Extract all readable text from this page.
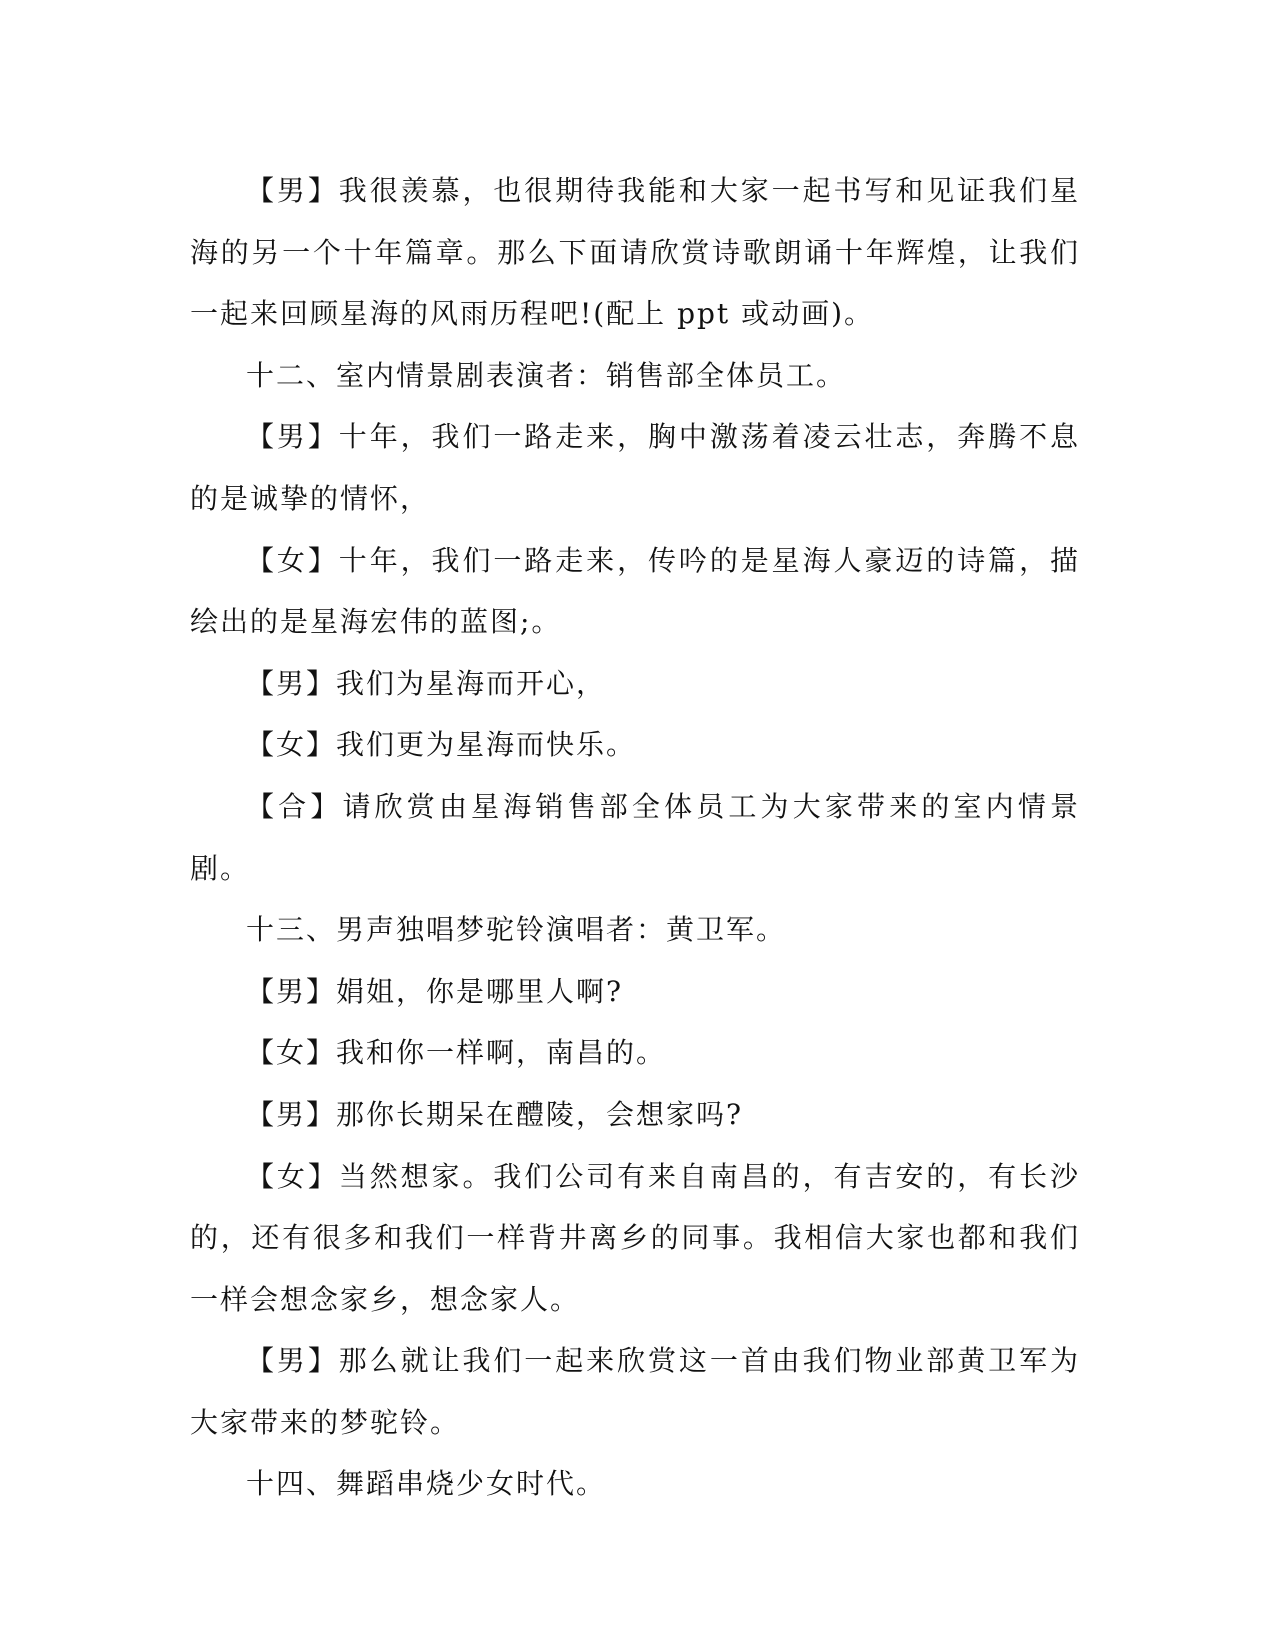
【男】我很羡慕，也很期待我能和大家一起书写和见证我们星海的另一个十年篇章。那么下面请欣赏诗歌朗诵十年辉煌，让我们一起来回顾星海的风雨历程吧!(配上 ppt 或动画)。

十二、室内情景剧表演者：销售部全体员工。

【男】十年，我们一路走来，胸中激荡着凌云壮志，奔腾不息的是诚挚的情怀，

【女】十年，我们一路走来，传吟的是星海人豪迈的诗篇，描绘出的是星海宏伟的蓝图;。

【男】我们为星海而开心，

【女】我们更为星海而快乐。

【合】请欣赏由星海销售部全体员工为大家带来的室内情景剧。

十三、男声独唱梦驼铃演唱者：黄卫军。

【男】娟姐，你是哪里人啊?

【女】我和你一样啊，南昌的。

【男】那你长期呆在醴陵，会想家吗?

【女】当然想家。我们公司有来自南昌的，有吉安的，有长沙的，还有很多和我们一样背井离乡的同事。我相信大家也都和我们一样会想念家乡，想念家人。

【男】那么就让我们一起来欣赏这一首由我们物业部黄卫军为大家带来的梦驼铃。

十四、舞蹈串烧少女时代。
